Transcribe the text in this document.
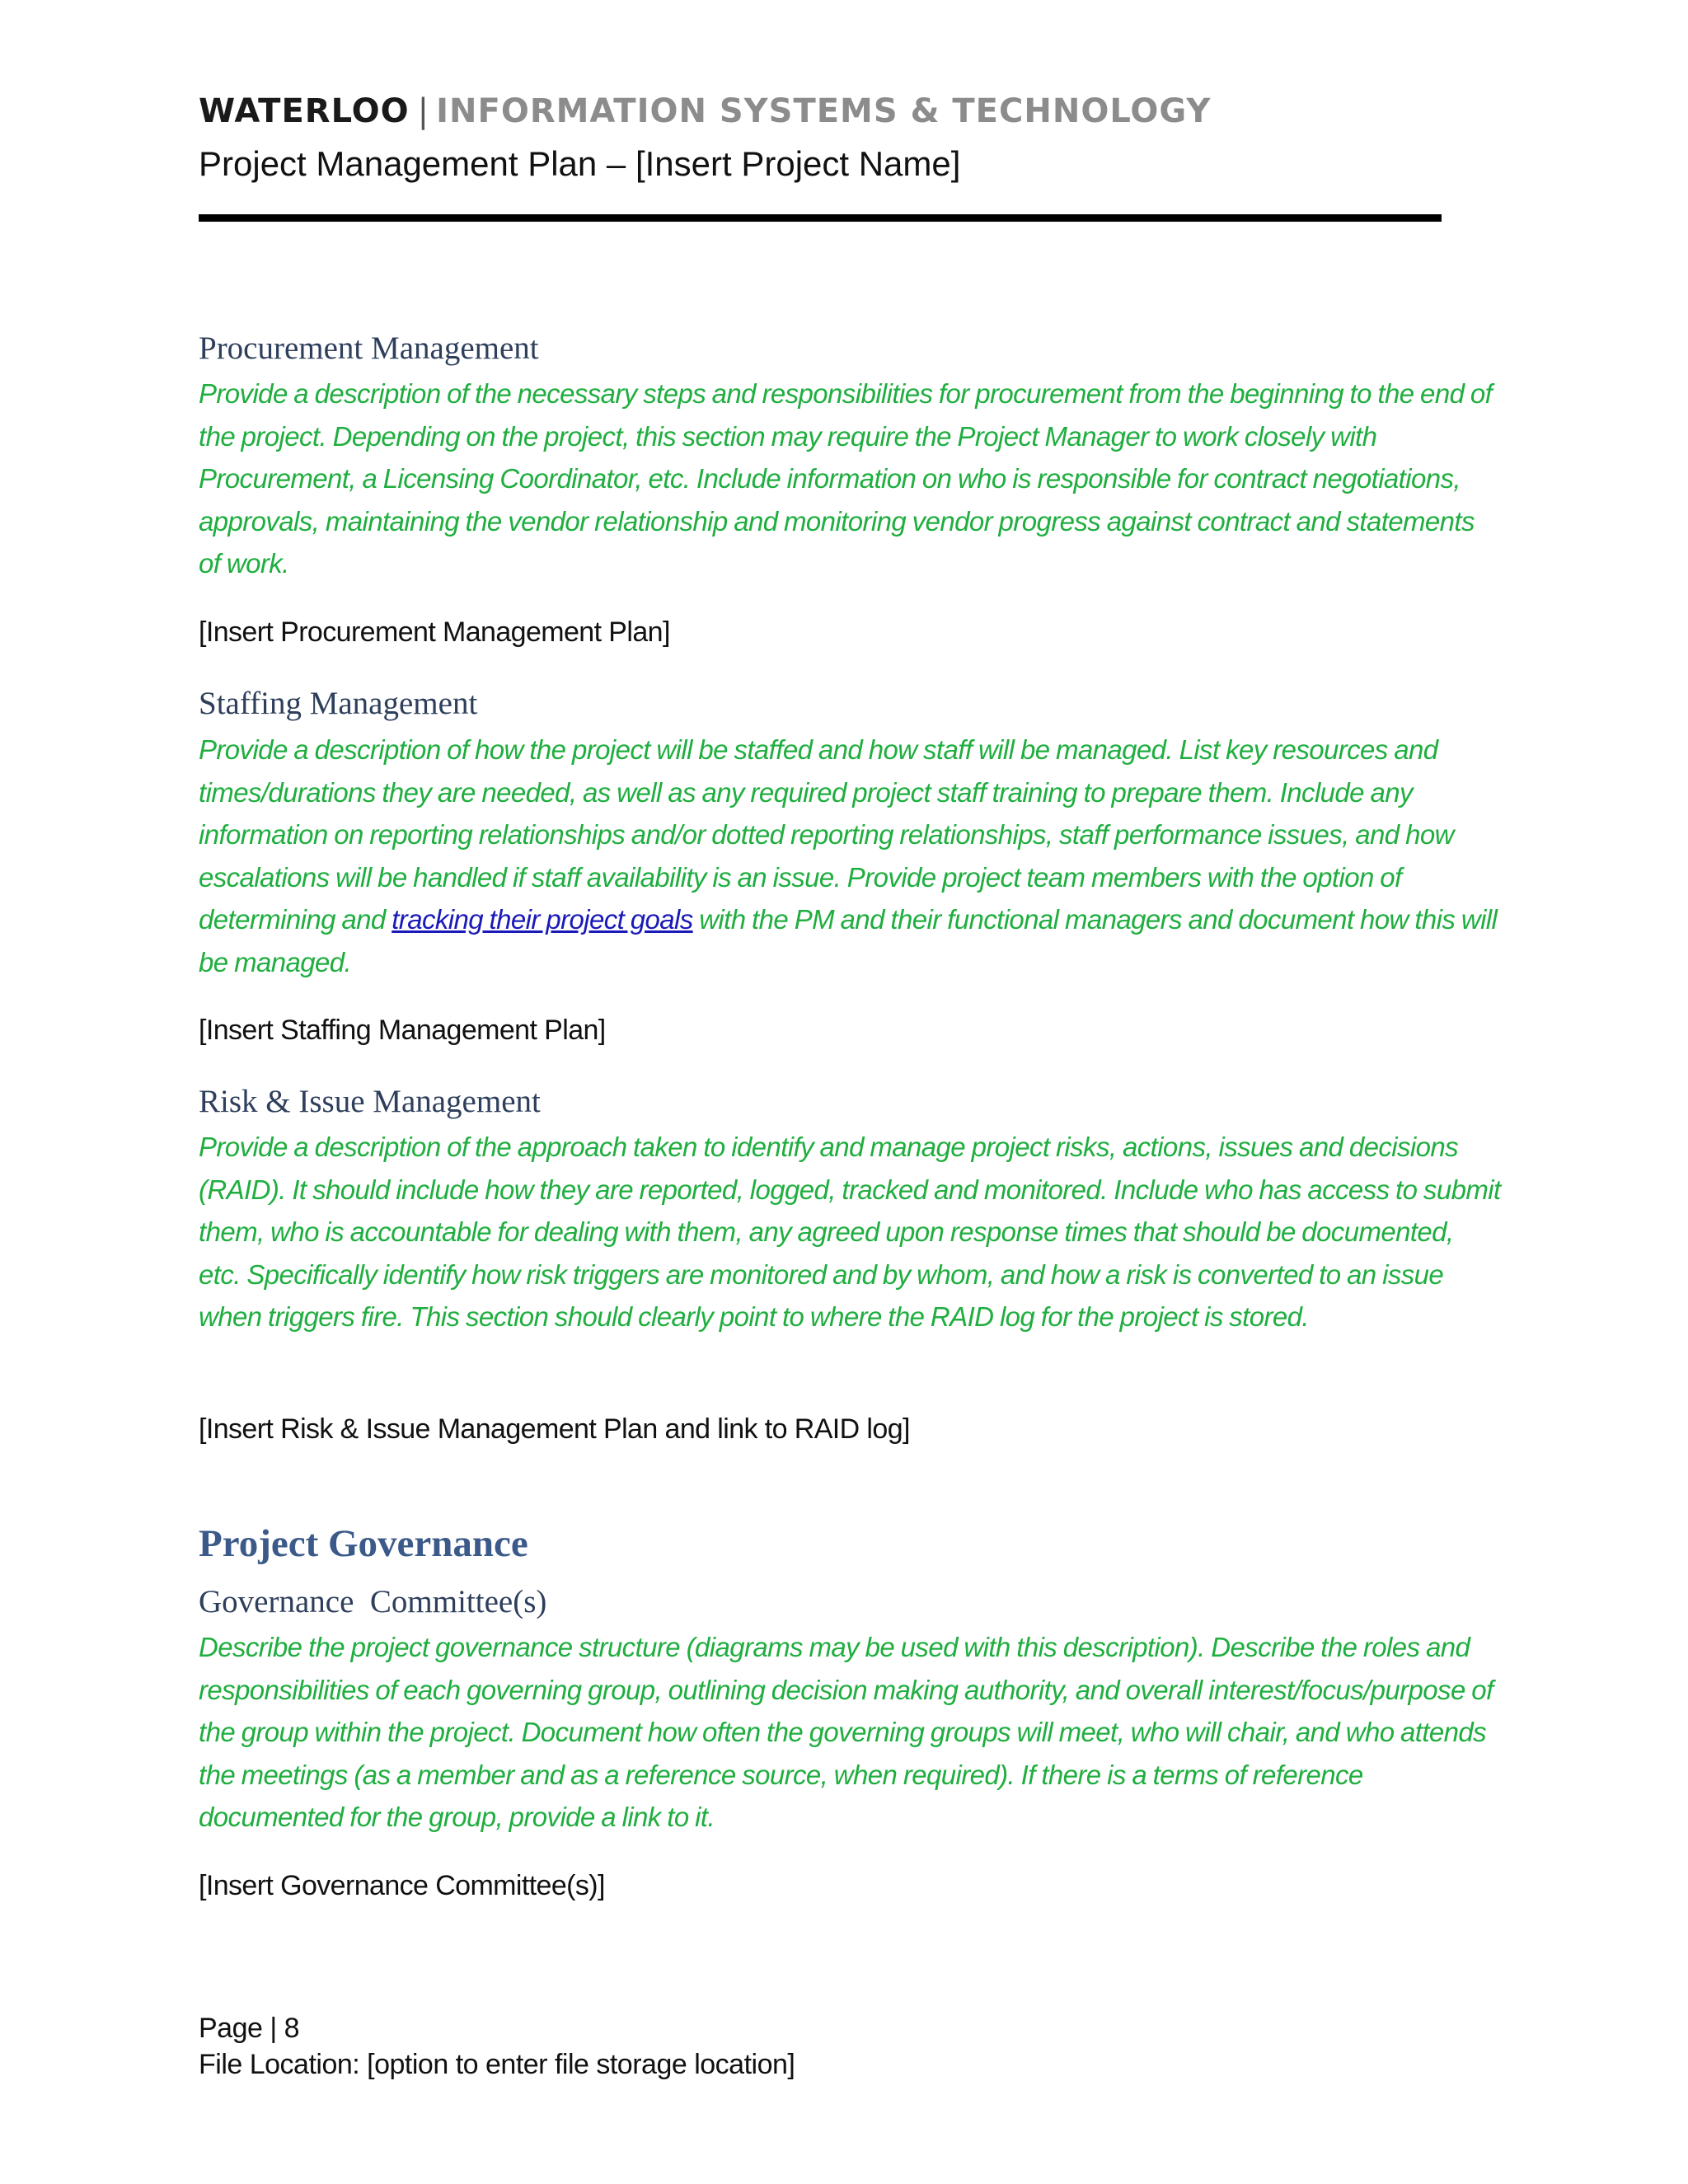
WATERLOO | INFORMATION SYSTEMS & TECHNOLOGY
Project Management Plan – [Insert Project Name]
Procurement Management
Provide a description of the necessary steps and responsibilities for procurement from the beginning to the end of the project. Depending on the project, this section may require the Project Manager to work closely with Procurement, a Licensing Coordinator, etc. Include information on who is responsible for contract negotiations, approvals, maintaining the vendor relationship and monitoring vendor progress against contract and statements of work.
[Insert Procurement Management Plan]
Staffing Management
Provide a description of how the project will be staffed and how staff will be managed. List key resources and times/durations they are needed, as well as any required project staff training to prepare them. Include any information on reporting relationships and/or dotted reporting relationships, staff performance issues, and how escalations will be handled if staff availability is an issue. Provide project team members with the option of determining and tracking their project goals with the PM and their functional managers and document how this will be managed.
[Insert Staffing Management Plan]
Risk & Issue Management
Provide a description of the approach taken to identify and manage project risks, actions, issues and decisions (RAID). It should include how they are reported, logged, tracked and monitored. Include who has access to submit them, who is accountable for dealing with them, any agreed upon response times that should be documented, etc. Specifically identify how risk triggers are monitored and by whom, and how a risk is converted to an issue when triggers fire. This section should clearly point to where the RAID log for the project is stored.
[Insert Risk & Issue Management Plan and link to RAID log]
Project Governance
Governance  Committee(s)
Describe the project governance structure (diagrams may be used with this description). Describe the roles and responsibilities of each governing group, outlining decision making authority, and overall interest/focus/purpose of the group within the project. Document how often the governing groups will meet, who will chair, and who attends the meetings (as a member and as a reference source, when required). If there is a terms of reference documented for the group, provide a link to it.
[Insert Governance Committee(s)]
Page | 8
File Location: [option to enter file storage location]
